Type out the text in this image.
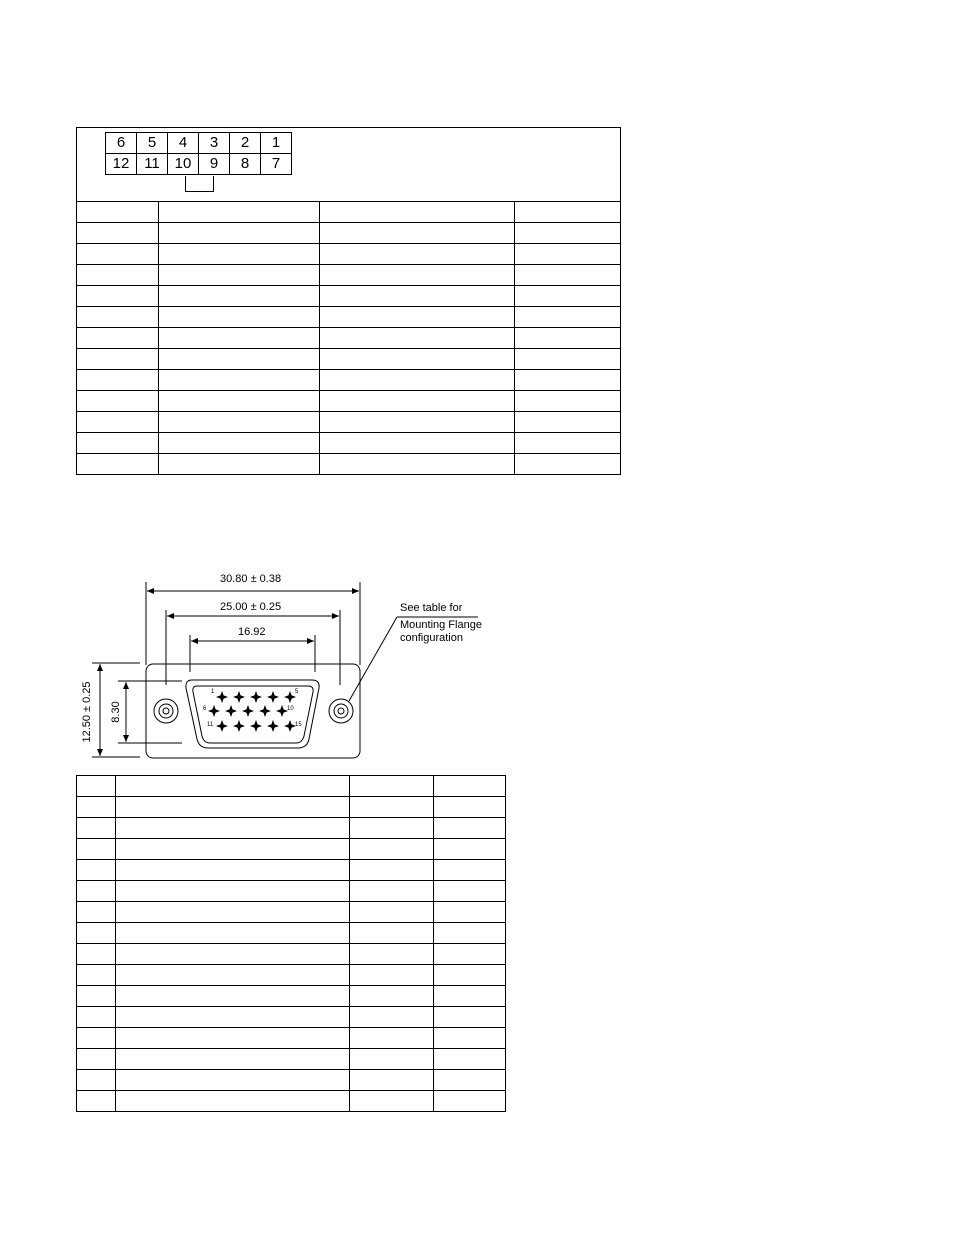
6	5	4	3	2	1
12	11	10	9	8	7

30.80 ± 0.38
25.00 ± 0.25
16.92
12.50 ± 0.25 8.30
See table for
Mounting Flange
configuration
1	5
6	10
11	15
